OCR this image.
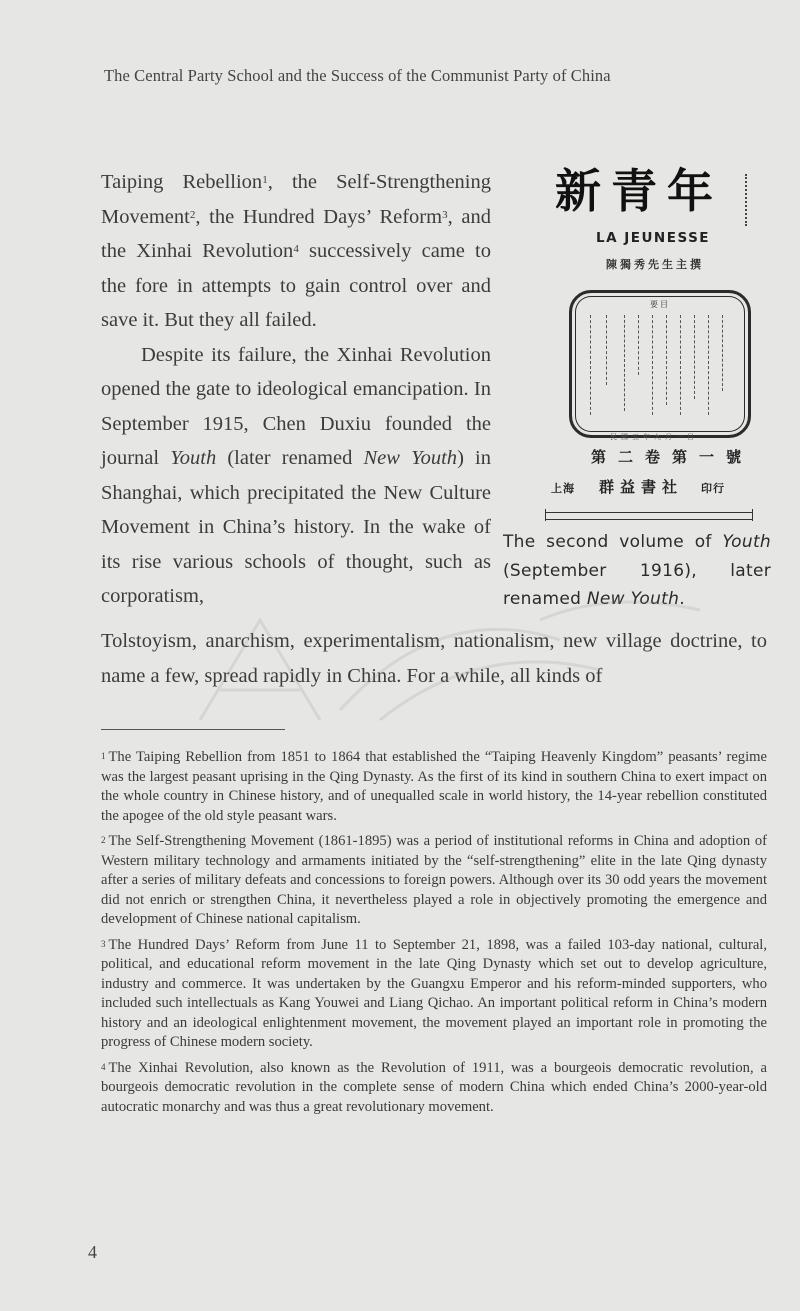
The Central Party School and the Success of the Communist Party of China

Taiping Rebellion$^1$, the Self-Strengthening Movement$^2$, the Hundred Days’ Reform$^3$, and the Xinhai Revolution$^4$ successively came to the fore in attempts to gain control over and save it. But they all failed.

Despite its failure, the Xinhai Revolution opened the gate to ideological emancipation. In September 1915, Chen Duxiu founded the journal Youth (later renamed New Youth) in Shanghai, which precipitated the New Culture Movement in China’s history. In the wake of its rise various schools of thought, such as corporatism,

Tolstoyism, anarchism, experimentalism, nationalism, new village doctrine, to name a few, spread rapidly in China. For a while, all kinds of

新青年
LA JEUNESSE
陳獨秀先生主撰
要目
民國五年九月一日
第二卷第一號
上海 群益書社 印行

The second volume of Youth (September 1916), later renamed New Youth.

$^1$ The Taiping Rebellion from 1851 to 1864 that established the “Taiping Heavenly Kingdom” peasants’ regime was the largest peasant uprising in the Qing Dynasty. As the first of its kind in southern China to exert impact on the whole country in Chinese history, and of unequalled scale in world history, the 14-year rebellion constituted the apogee of the old style peasant wars.

$^2$ The Self-Strengthening Movement (1861-1895) was a period of institutional reforms in China and adoption of Western military technology and armaments initiated by the “self-strengthening” elite in the late Qing dynasty after a series of military defeats and concessions to foreign powers. Although over its 30 odd years the movement did not enrich or strengthen China, it nevertheless played a role in objectively promoting the emergence and development of Chinese national capitalism.

$^3$ The Hundred Days’ Reform from June 11 to September 21, 1898, was a failed 103-day national, cultural, political, and educational reform movement in the late Qing Dynasty which set out to develop agriculture, industry and commerce. It was undertaken by the Guangxu Emperor and his reform-minded supporters, who included such intellectuals as Kang Youwei and Liang Qichao. An important political reform in China’s modern history and an ideological enlightenment movement, the movement played an important role in promoting the progress of Chinese modern society.

$^4$ The Xinhai Revolution, also known as the Revolution of 1911, was a bourgeois democratic revolution, a bourgeois democratic revolution in the complete sense of modern China which ended China’s 2000-year-old autocratic monarchy and was thus a great revolutionary movement.

4
